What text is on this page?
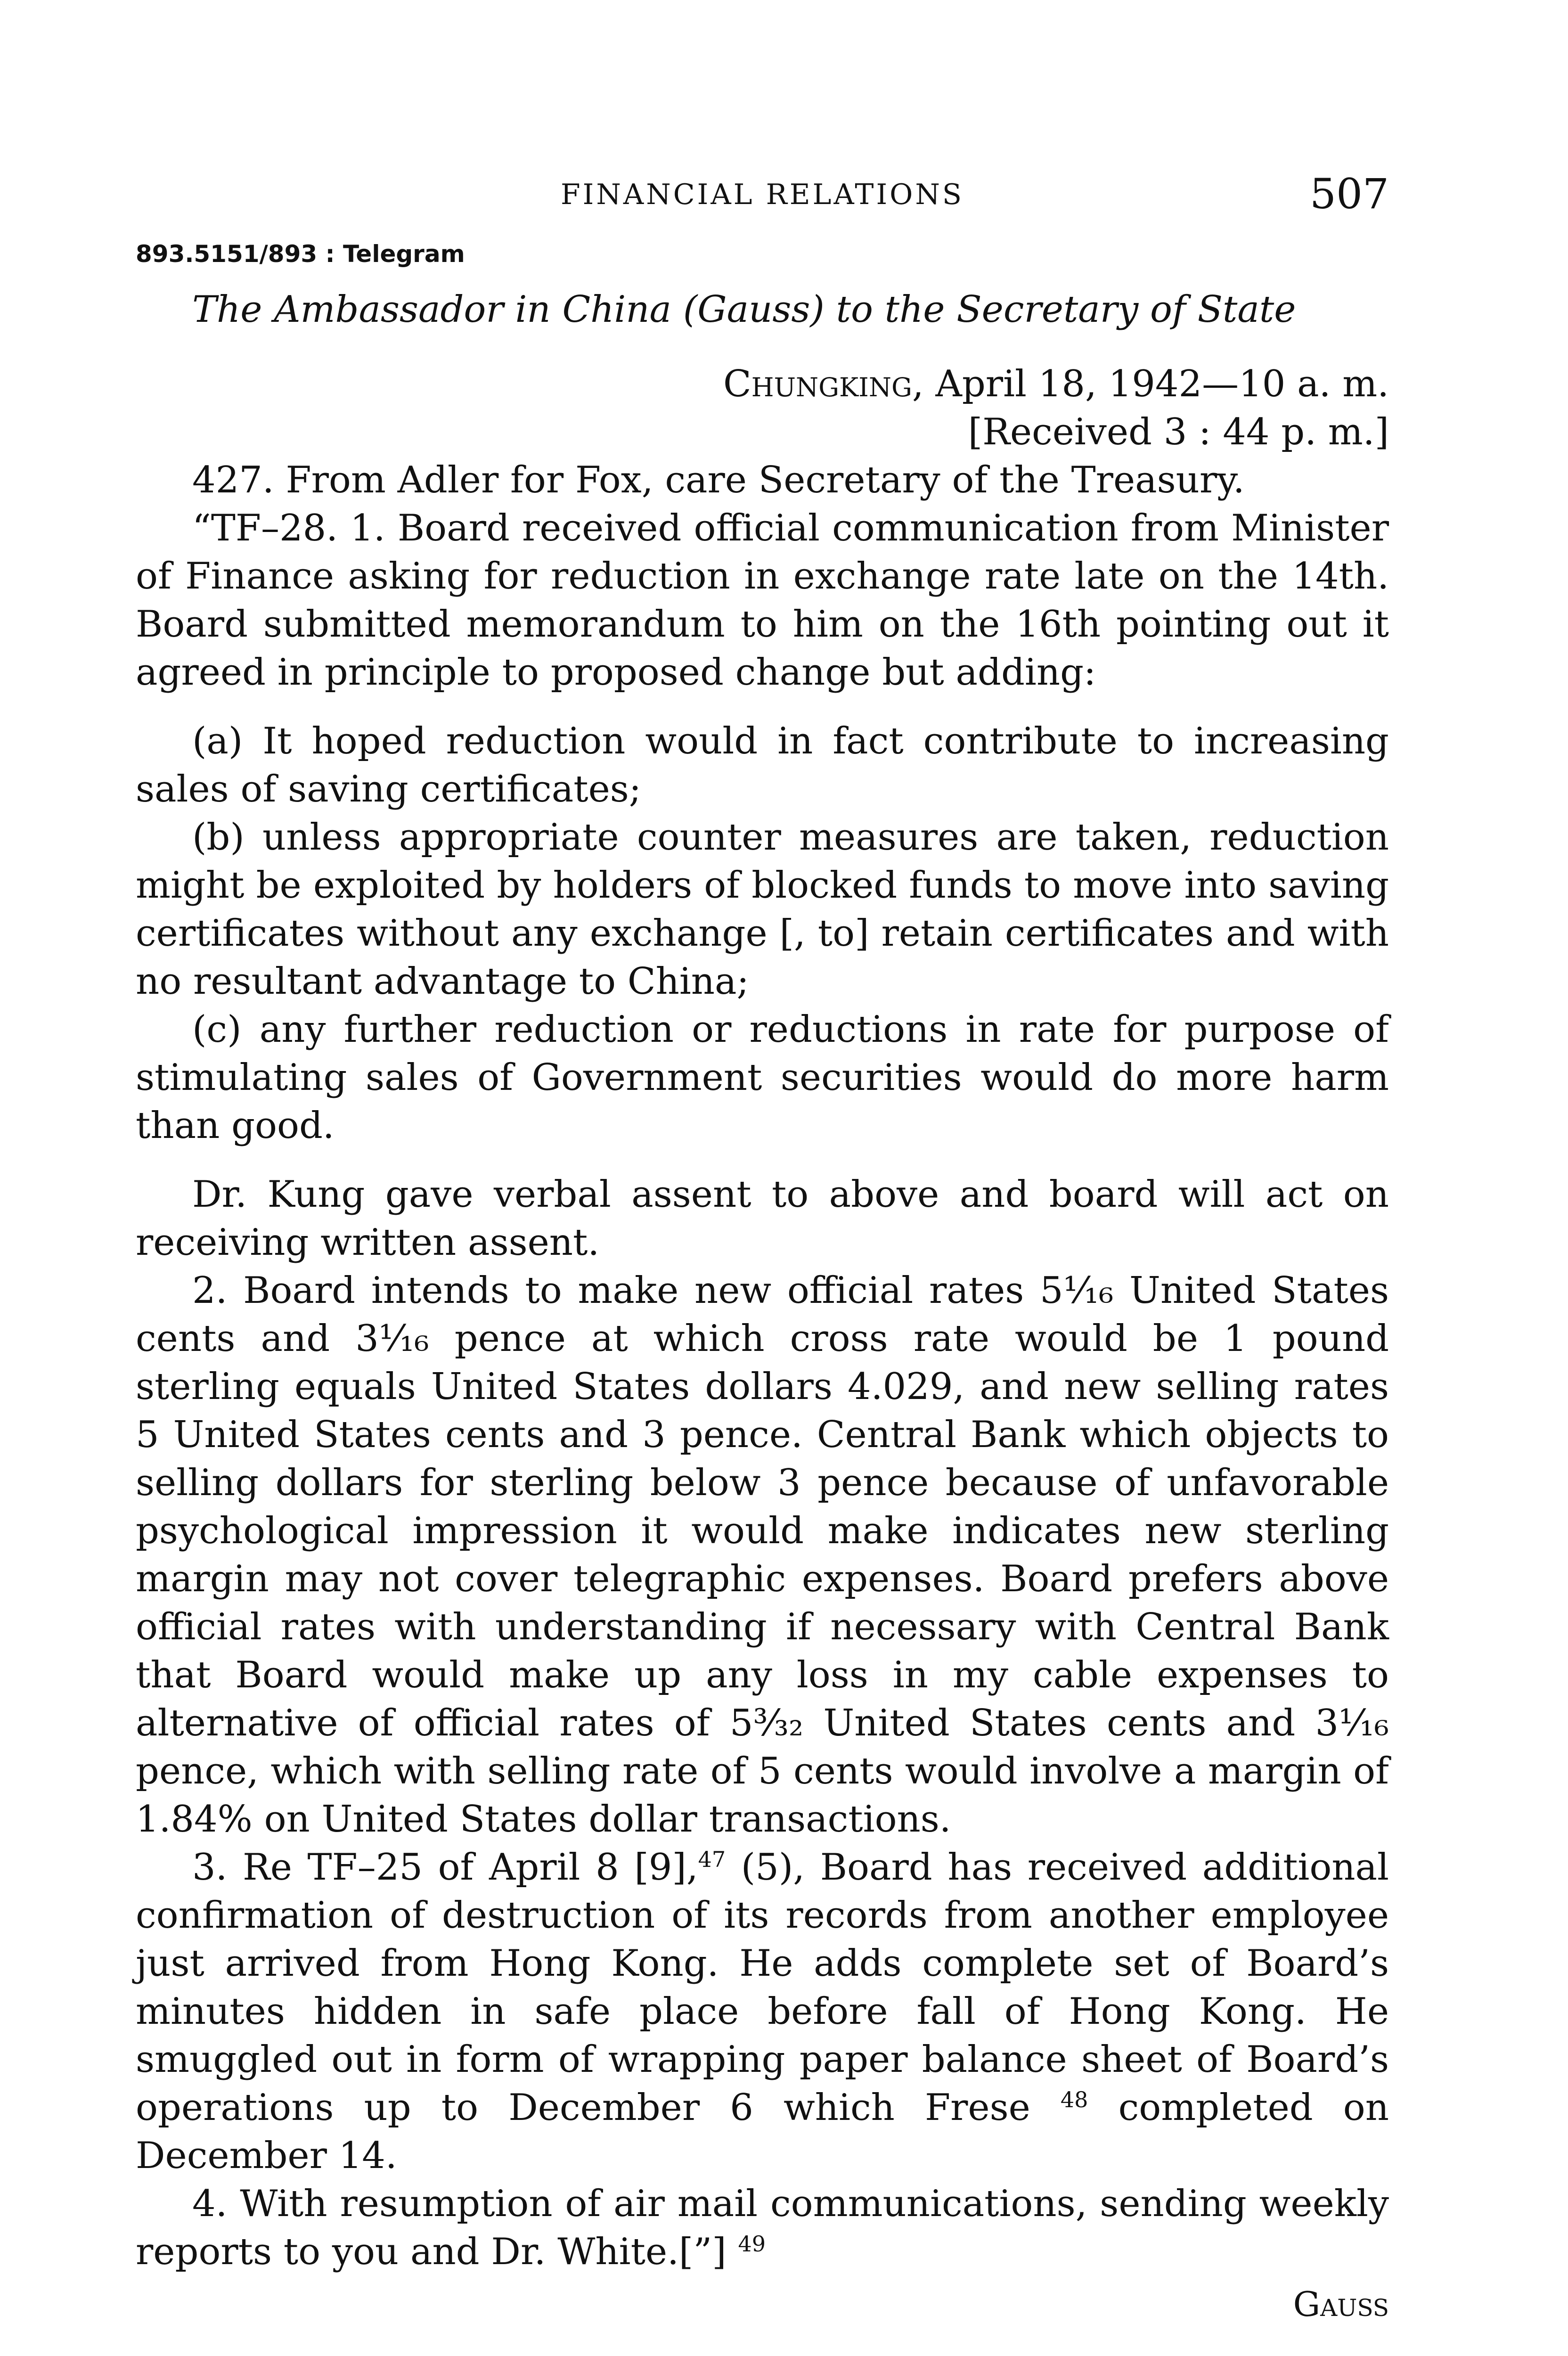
FINANCIAL RELATIONS	507
893.5151/893 : Telegram
The Ambassador in China (Gauss) to the Secretary of State
Chungking, April 18, 1942—10 a. m.
[Received 3 : 44 p. m.]

427. From Adler for Fox, care Secretary of the Treasury.

“TF–28. 1. Board received official communication from Minister of Finance asking for reduction in exchange rate late on the 14th. Board submitted memorandum to him on the 16th pointing out it agreed in principle to proposed change but adding:

(a) It hoped reduction would in fact contribute to increasing sales of saving certificates;

(b) unless appropriate counter measures are taken, reduction might be exploited by holders of blocked funds to move into saving certificates without any exchange [, to] retain certificates and with no resultant advantage to China;

(c) any further reduction or reductions in rate for purpose of stimulating sales of Government securities would do more harm than good.

Dr. Kung gave verbal assent to above and board will act on receiving written assent.

2. Board intends to make new official rates 5¹⁄₁₆ United States cents and 3¹⁄₁₆ pence at which cross rate would be 1 pound sterling equals United States dollars 4.029, and new selling rates 5 United States cents and 3 pence. Central Bank which objects to selling dollars for sterling below 3 pence because of unfavorable psychological impression it would make indicates new sterling margin may not cover telegraphic expenses. Board prefers above official rates with understanding if necessary with Central Bank that Board would make up any loss in my cable expenses to alternative of official rates of 5³⁄₃₂ United States cents and 3¹⁄₁₆ pence, which with selling rate of 5 cents would involve a margin of 1.84% on United States dollar transactions.

3. Re TF–25 of April 8 [9],$^{47}$ (5), Board has received additional confirmation of destruction of its records from another employee just arrived from Hong Kong. He adds complete set of Board’s minutes hidden in safe place before fall of Hong Kong. He smuggled out in form of wrapping paper balance sheet of Board’s operations up to December 6 which Frese $^{48}$ completed on December 14.

4. With resumption of air mail communications, sending weekly reports to you and Dr. White.[”] $^{49}$

Gauss
